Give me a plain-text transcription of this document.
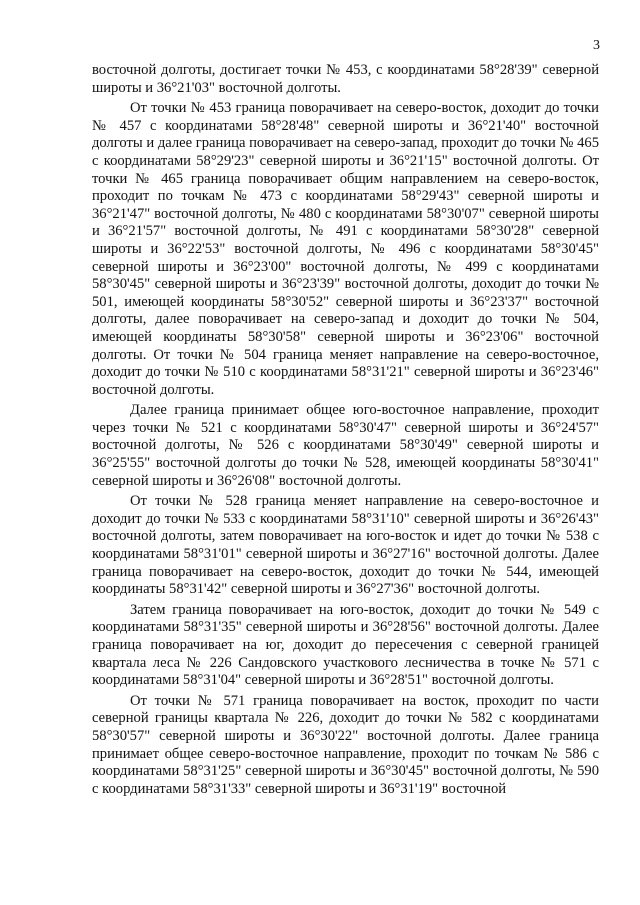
3

восточной долготы, достигает точки № 453, с координатами 58°28'39" северной широты и 36°21'03" восточной долготы.

От точки № 453 граница поворачивает на северо-восток, доходит до точки № 457 с координатами 58°28'48" северной широты и 36°21'40" восточной долготы и далее граница поворачивает на северо-запад, проходит до точки № 465 с координатами 58°29'23" северной широты и 36°21'15" восточной долготы. От точки № 465 граница поворачивает общим направлением на северо-восток, проходит по точкам № 473 с координатами 58°29'43" северной широты и 36°21'47" восточной долготы, № 480 с координатами 58°30'07" северной широты и 36°21'57" восточной долготы, № 491 с координатами 58°30'28" северной широты и 36°22'53" восточной долготы, № 496 с координатами 58°30'45" северной широты и 36°23'00" восточной долготы, № 499 с координатами 58°30'45" северной широты и 36°23'39" восточной долготы, доходит до точки № 501, имеющей координаты 58°30'52" северной широты и 36°23'37" восточной долготы, далее поворачивает на северо-запад и доходит до точки № 504, имеющей координаты 58°30'58" северной широты и 36°23'06" восточной долготы. От точки № 504 граница меняет направление на северо-восточное, доходит до точки № 510 с координатами 58°31'21" северной широты и 36°23'46" восточной долготы.

Далее граница принимает общее юго-восточное направление, проходит через точки № 521 с координатами 58°30'47" северной широты и 36°24'57" восточной долготы, № 526 с координатами 58°30'49" северной широты и 36°25'55" восточной долготы до точки № 528, имеющей координаты 58°30'41" северной широты и 36°26'08" восточной долготы.

От точки № 528 граница меняет направление на северо-восточное и доходит до точки № 533 с координатами 58°31'10" северной широты и 36°26'43" восточной долготы, затем поворачивает на юго-восток и идет до точки № 538 с координатами 58°31'01" северной широты и 36°27'16" восточной долготы. Далее граница поворачивает на северо-восток, доходит до точки № 544, имеющей координаты 58°31'42" северной широты и 36°27'36" восточной долготы.

Затем граница поворачивает на юго-восток, доходит до точки № 549 с координатами 58°31'35" северной широты и 36°28'56" восточной долготы. Далее граница поворачивает на юг, доходит до пересечения с северной границей квартала леса № 226 Сандовского участкового лесничества в точке № 571 с координатами 58°31'04" северной широты и 36°28'51" восточной долготы.

От точки № 571 граница поворачивает на восток, проходит по части северной границы квартала № 226, доходит до точки № 582 с координатами 58°30'57" северной широты и 36°30'22" восточной долготы. Далее граница принимает общее северо-восточное направление, проходит по точкам № 586 с координатами 58°31'25" северной широты и 36°30'45" восточной долготы, № 590 с координатами 58°31'33" северной широты и 36°31'19" восточной
